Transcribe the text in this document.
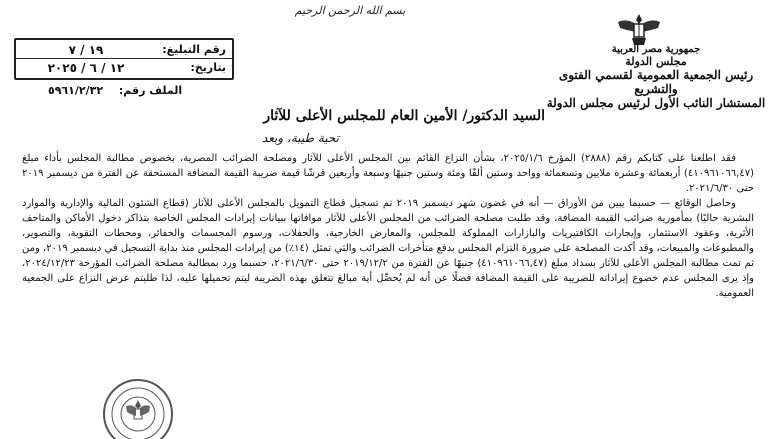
بسم الله الرحمن الرحيم
جمهورية مصر العربية
مجلس الدولة
رئيس الجمعية العمومية لقسمي الفتوى والتشريع
المستشار النائب الأول لرئيس مجلس الدولة
رقم التبليغ:
١٩ / ٧
بتاريخ:
١٢ / ٦ / ٢٠٢٥
الملف رقم: ٥٩٦١/٢/٣٢
السيد الدكتور/ الأمين العام للمجلس الأعلى للآثار
تحية طيبة، وبعد

فقد اطلعنا على كتابكم رقم (٢٨٨٨) المؤرخ ٢٠٢٥/١/٦، بشأن النزاع القائم بين المجلس الأعلى للآثار ومصلحة الضرائب المصرية، بخصوص مطالبة المجلس بأداء مبلغ (٤١٠٩٦١٠٦٦,٤٧) أربعمائة وعشرة ملايين وتسعمائة وواحد وستين ألفًا ومئة وستين جنيهًا وسبعة وأربعين قرشًا قيمة ضريبة القيمة المضافة المستحقة عن الفترة من ديسمبر ٢٠١٩ حتى ٢٠٢١/٦/٣٠.

وحاصل الوقائع — حسبما يبين من الأوراق — أنه في غضون شهر ديسمبر ٢٠١٩ تم تسجيل قطاع التمويل بالمجلس الأعلى للآثار (قطاع الشئون المالية والإدارية والموارد البشرية حاليًا) بمأمورية ضرائب القيمة المضافة، وقد طلبت مصلحة الضرائب من المجلس الأعلى للآثار موافاتها ببيانات إيرادات المجلس الخاصة بتذاكر دخول الأماكن والمتاحف الأثرية، وعقود الاستثمار، وإيجارات الكافتيريات والبازارات المملوكة للمجلس، والمعارض الخارجية، والحفلات، ورسوم المجسمات والحفائر، ومحطات التقوية، والتصوير، والمطبوعات والمبيعات، وقد أكدت المصلحة على ضرورة التزام المجلس بدفع متأخرات الضرائب والتي تمثل (١٤٪) من إيرادات المجلس منذ بداية التسجيل في ديسمبر ٢٠١٩، ومن ثم تمت مطالبة المجلس الأعلى للآثار بسداد مبلغ (٤١٠٩٦١٠٦٦,٤٧) جنيهًا عن الفترة من ٢٠١٩/١٢/٢ حتى ٢٠٢١/٦/٣٠، حسبما ورد بمطالبة مصلحة الضرائب المؤرخة ٢٠٢٤/١٢/٢٣، وإذ يرى المجلس عدم خضوع إيراداته للضريبة على القيمة المضافة فضلًا عن أنه لم يُحصِّل أية مبالغ تتعلق بهذه الضريبة ليتم تحميلها عليه، لذا طلبتم عرض النزاع على الجمعية العمومية.
